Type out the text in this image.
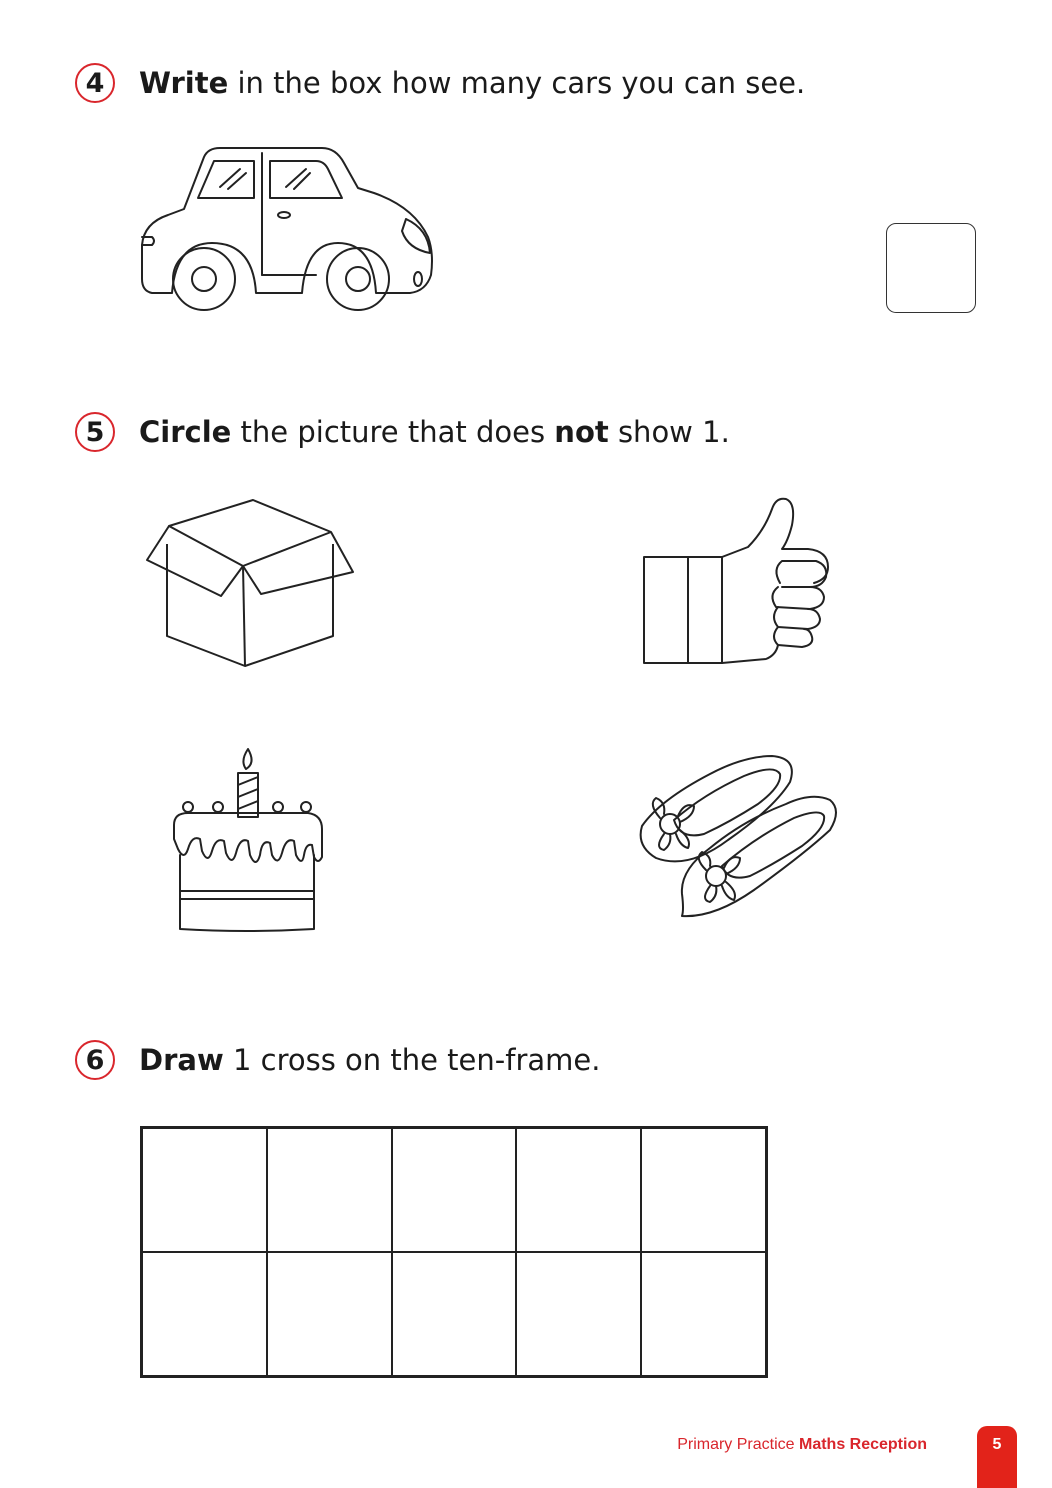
4	Write in the box how many cars you can see.
5	Circle the picture that does not show 1.
6	Draw 1 cross on the ten-frame.
Primary Practice Maths Reception	5
